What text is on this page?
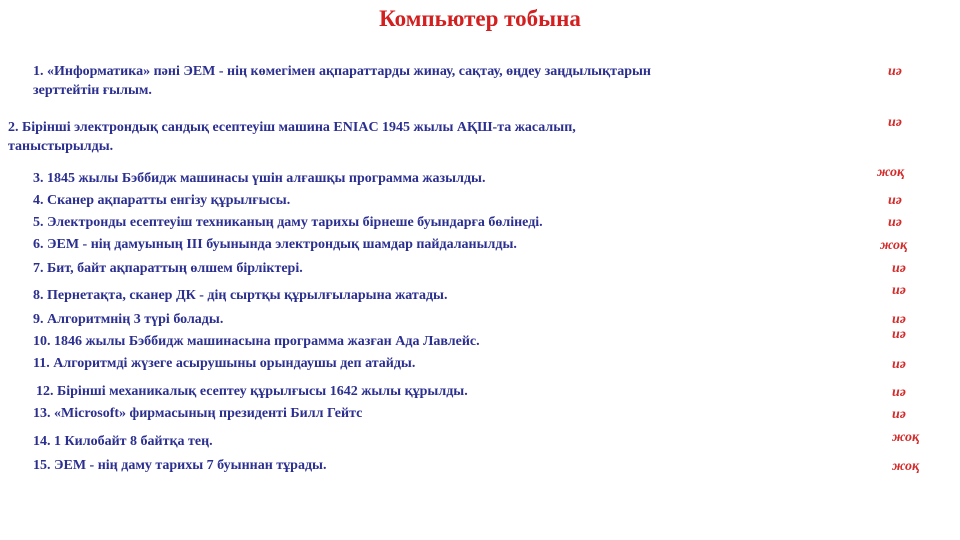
Компьютер тобына
1. «Информатика» пәні ЭЕМ - нің көмегімен ақпараттарды жинау, сақтау, өңдеу заңдылықтарын
зерттейтін ғылым.
2. Бірінші электрондық сандық есептеуіш машина ENIAC 1945 жылы АҚШ-та жасалып,
таныстырылды.
3. 1845 жылы Бэббидж машинасы үшін алғашқы программа жазылды.
4. Сканер ақпаратты енгізу құрылғысы.
5. Электронды есептеуіш техниканың даму тарихы бірнеше буындарға бөлінеді.
6. ЭЕМ - нің дамуының ІІІ буынында электрондық шамдар пайдаланылды.
7. Бит, байт ақпараттың өлшем бірліктері.
8. Пернетақта, сканер ДК - дің сыртқы құрылғыларына жатады.
9. Алгоритмнің 3 түрі болады.
10. 1846 жылы Бэббидж машинасына программа жазған Ада Лавлейс.
11. Алгоритмді жүзеге асырушыны орындаушы деп атайды.
12. Бірінші механикалық есептеу құрылғысы 1642 жылы құрылды.
13. «Microsoft» фирмасының президенті Билл Гейтс
14. 1 Килобайт 8 байтқа тең.
15. ЭЕМ - нің даму тарихы 7 буыннан тұрады.
иә
иә
жоқ
иә
иә
жоқ
иә
иә
иә
иә
иә
иә
иә
жоқ
жоқ
